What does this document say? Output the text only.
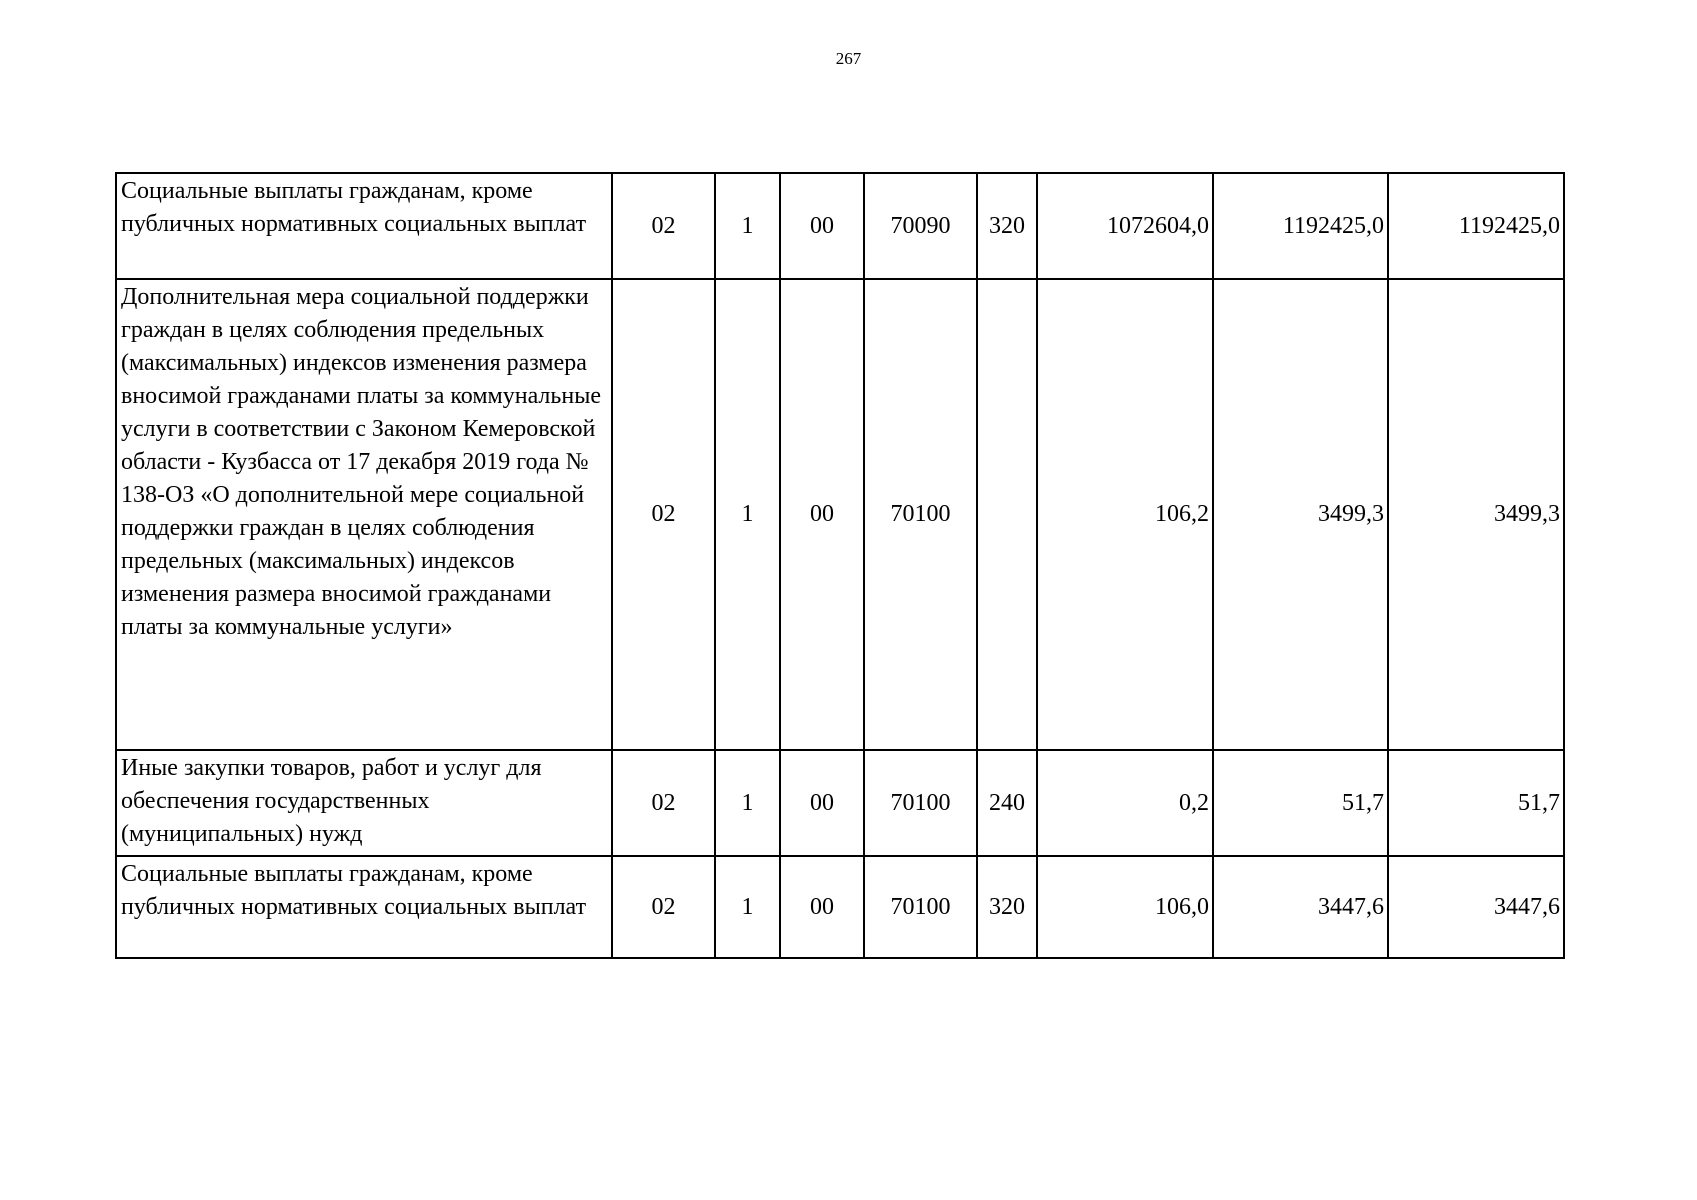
267
Социальные выплаты гражданам, кроме публичных нормативных социальных выплат	02	1	00	70090	320	1072604,0	1192425,0	1192425,0
Дополнительная мера социальной поддержки граждан в целях соблюдения предельных (максимальных) индексов изменения размера вносимой гражданами платы за коммунальные услуги в соответствии с Законом Кемеровской области - Кузбасса от 17 декабря 2019 года № 138-ОЗ «О дополнительной мере социальной поддержки граждан в целях соблюдения предельных (максимальных) индексов изменения размера вносимой гражданами платы за коммунальные услуги»	02	1	00	70100		106,2	3499,3	3499,3
Иные закупки товаров, работ и услуг для обеспечения государственных (муниципальных) нужд	02	1	00	70100	240	0,2	51,7	51,7
Социальные выплаты гражданам, кроме публичных нормативных социальных выплат	02	1	00	70100	320	106,0	3447,6	3447,6
